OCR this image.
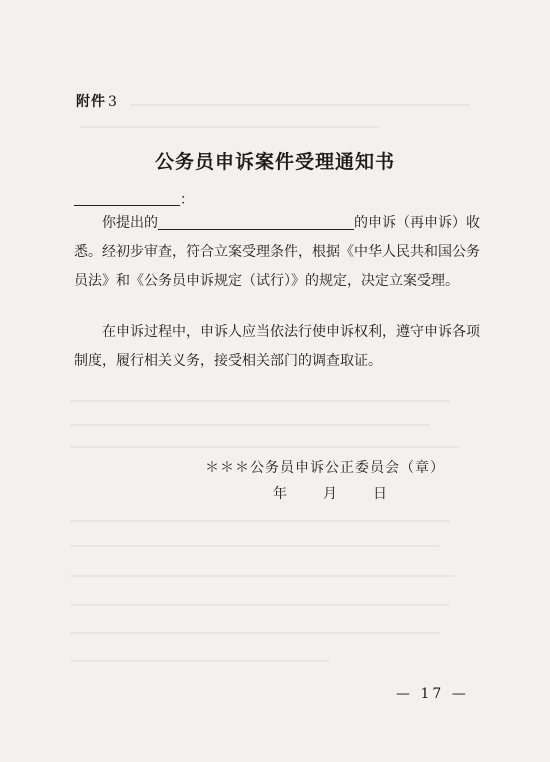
附件 3
公务员申诉案件受理通知书
：
你提出的	的申诉（再申诉）收悉。经初步审查，符合立案受理条件，根据《中华人民共和国公务员法》和《公务员申诉规定（试行）》的规定，决定立案受理。
在申诉过程中，申诉人应当依法行使申诉权利，遵守申诉各项制度，履行相关义务，接受相关部门的调查取证。
＊＊＊公务员申诉公正委员会（章）
年	月	日
— 17 —
